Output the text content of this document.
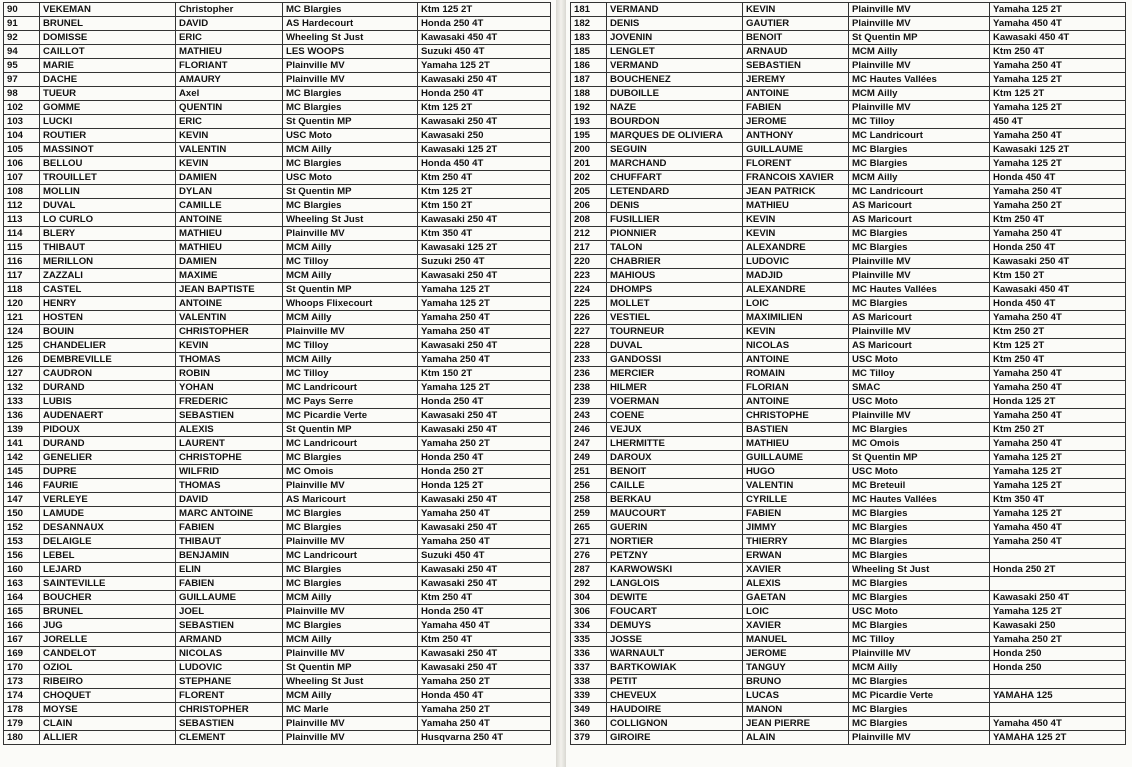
90	VEKEMAN	Christopher	MC Blargies	Ktm 125 2T
91	BRUNEL	DAVID	AS Hardecourt	Honda 250 4T
92	DOMISSE	ERIC	Wheeling St Just	Kawasaki 450 4T
94	CAILLOT	MATHIEU	LES WOOPS	Suzuki 450 4T
95	MARIE	FLORIANT	Plainville MV	Yamaha 125 2T
97	DACHE	AMAURY	Plainville MV	Kawasaki 250 4T
98	TUEUR	Axel	MC Blargies	Honda 250 4T
102	GOMME	QUENTIN	MC Blargies	Ktm 125 2T
103	LUCKI	ERIC	St Quentin MP	Kawasaki 250 4T
104	ROUTIER	KEVIN	USC Moto	Kawasaki 250
105	MASSINOT	VALENTIN	MCM Ailly	Kawasaki 125 2T
106	BELLOU	KEVIN	MC Blargies	Honda 450 4T
107	TROUILLET	DAMIEN	USC Moto	Ktm 250 4T
108	MOLLIN	DYLAN	St Quentin MP	Ktm 125 2T
112	DUVAL	CAMILLE	MC Blargies	Ktm 150 2T
113	LO CURLO	ANTOINE	Wheeling St Just	Kawasaki 250 4T
114	BLERY	MATHIEU	Plainville MV	Ktm 350 4T
115	THIBAUT	MATHIEU	MCM Ailly	Kawasaki 125 2T
116	MERILLON	DAMIEN	MC Tilloy	Suzuki 250 4T
117	ZAZZALI	MAXIME	MCM Ailly	Kawasaki 250 4T
118	CASTEL	JEAN BAPTISTE	St Quentin MP	Yamaha 125 2T
120	HENRY	ANTOINE	Whoops Flixecourt	Yamaha 125 2T
121	HOSTEN	VALENTIN	MCM Ailly	Yamaha 250 4T
124	BOUIN	CHRISTOPHER	Plainville MV	Yamaha 250 4T
125	CHANDELIER	KEVIN	MC Tilloy	Kawasaki 250 4T
126	DEMBREVILLE	THOMAS	MCM Ailly	Yamaha 250 4T
127	CAUDRON	ROBIN	MC Tilloy	Ktm 150 2T
132	DURAND	YOHAN	MC Landricourt	Yamaha 125 2T
133	LUBIS	FREDERIC	MC Pays Serre	Honda 250 4T
136	AUDENAERT	SEBASTIEN	MC Picardie Verte	Kawasaki 250 4T
139	PIDOUX	ALEXIS	St Quentin MP	Kawasaki 250 4T
141	DURAND	LAURENT	MC Landricourt	Yamaha 250 2T
142	GENELIER	CHRISTOPHE	MC Blargies	Honda 250 4T
145	DUPRE	WILFRID	MC Omois	Honda 250 2T
146	FAURIE	THOMAS	Plainville MV	Honda 125 2T
147	VERLEYE	DAVID	AS Maricourt	Kawasaki 250 4T
150	LAMUDE	MARC ANTOINE	MC Blargies	Yamaha 250 4T
152	DESANNAUX	FABIEN	MC Blargies	Kawasaki 250 4T
153	DELAIGLE	THIBAUT	Plainville MV	Yamaha 250 4T
156	LEBEL	BENJAMIN	MC Landricourt	Suzuki 450 4T
160	LEJARD	ELIN	MC Blargies	Kawasaki 250 4T
163	SAINTEVILLE	FABIEN	MC Blargies	Kawasaki 250 4T
164	BOUCHER	GUILLAUME	MCM Ailly	Ktm 250 4T
165	BRUNEL	JOEL	Plainville MV	Honda 250 4T
166	JUG	SEBASTIEN	MC Blargies	Yamaha 450 4T
167	JORELLE	ARMAND	MCM Ailly	Ktm 250 4T
169	CANDELOT	NICOLAS	Plainville MV	Kawasaki 250 4T
170	OZIOL	LUDOVIC	St Quentin MP	Kawasaki 250 4T
173	RIBEIRO	STEPHANE	Wheeling St Just	Yamaha 250 2T
174	CHOQUET	FLORENT	MCM Ailly	Honda 450 4T
178	MOYSE	CHRISTOPHER	MC Marle	Yamaha 250 2T
179	CLAIN	SEBASTIEN	Plainville MV	Yamaha 250 4T
180	ALLIER	CLEMENT	Plainville MV	Husqvarna 250 4T
181	VERMAND	KEVIN	Plainville MV	Yamaha 125 2T
182	DENIS	GAUTIER	Plainville MV	Yamaha 450 4T
183	JOVENIN	BENOIT	St Quentin MP	Kawasaki 450 4T
185	LENGLET	ARNAUD	MCM Ailly	Ktm 250 4T
186	VERMAND	SEBASTIEN	Plainville MV	Yamaha 250 4T
187	BOUCHENEZ	JEREMY	MC Hautes Vallées	Yamaha 125 2T
188	DUBOILLE	ANTOINE	MCM Ailly	Ktm 125 2T
192	NAZE	FABIEN	Plainville MV	Yamaha 125 2T
193	BOURDON	JEROME	MC Tilloy	450 4T
195	MARQUES DE OLIVIERA	ANTHONY	MC Landricourt	Yamaha 250 4T
200	SEGUIN	GUILLAUME	MC Blargies	Kawasaki 125 2T
201	MARCHAND	FLORENT	MC Blargies	Yamaha 125 2T
202	CHUFFART	FRANCOIS XAVIER	MCM Ailly	Honda 450 4T
205	LETENDARD	JEAN PATRICK	MC Landricourt	Yamaha 250 4T
206	DENIS	MATHIEU	AS Maricourt	Yamaha 250 2T
208	FUSILLIER	KEVIN	AS Maricourt	Ktm 250 4T
212	PIONNIER	KEVIN	MC Blargies	Yamaha 250 4T
217	TALON	ALEXANDRE	MC Blargies	Honda 250 4T
220	CHABRIER	LUDOVIC	Plainville MV	Kawasaki 250 4T
223	MAHIOUS	MADJID	Plainville MV	Ktm 150 2T
224	DHOMPS	ALEXANDRE	MC Hautes Vallées	Kawasaki 450 4T
225	MOLLET	LOIC	MC Blargies	Honda 450 4T
226	VESTIEL	MAXIMILIEN	AS Maricourt	Yamaha 250 4T
227	TOURNEUR	KEVIN	Plainville MV	Ktm 250 2T
228	DUVAL	NICOLAS	AS Maricourt	Ktm 125 2T
233	GANDOSSI	ANTOINE	USC Moto	Ktm 250 4T
236	MERCIER	ROMAIN	MC Tilloy	Yamaha 250 4T
238	HILMER	FLORIAN	SMAC	Yamaha 250 4T
239	VOERMAN	ANTOINE	USC Moto	Honda 125 2T
243	COENE	CHRISTOPHE	Plainville MV	Yamaha 250 4T
246	VEJUX	BASTIEN	MC Blargies	Ktm 250 2T
247	LHERMITTE	MATHIEU	MC Omois	Yamaha 250 4T
249	DAROUX	GUILLAUME	St Quentin MP	Yamaha 125 2T
251	BENOIT	HUGO	USC Moto	Yamaha 125 2T
256	CAILLE	VALENTIN	MC Breteuil	Yamaha 125 2T
258	BERKAU	CYRILLE	MC Hautes Vallées	Ktm 350 4T
259	MAUCOURT	FABIEN	MC Blargies	Yamaha 125 2T
265	GUERIN	JIMMY	MC Blargies	Yamaha 450 4T
271	NORTIER	THIERRY	MC Blargies	Yamaha 250 4T
276	PETZNY	ERWAN	MC Blargies	
287	KARWOWSKI	XAVIER	Wheeling St Just	Honda 250 2T
292	LANGLOIS	ALEXIS	MC Blargies	
304	DEWITE	GAETAN	MC Blargies	Kawasaki 250 4T
306	FOUCART	LOIC	USC Moto	Yamaha 125 2T
334	DEMUYS	XAVIER	MC Blargies	Kawasaki 250
335	JOSSE	MANUEL	MC Tilloy	Yamaha 250 2T
336	WARNAULT	JEROME	Plainville MV	Honda 250
337	BARTKOWIAK	TANGUY	MCM Ailly	Honda 250
338	PETIT	BRUNO	MC Blargies	
339	CHEVEUX	LUCAS	MC Picardie Verte	YAMAHA 125
349	HAUDOIRE	MANON	MC Blargies	
360	COLLIGNON	JEAN PIERRE	MC Blargies	Yamaha 450 4T
379	GIROIRE	ALAIN	Plainville MV	YAMAHA 125 2T
